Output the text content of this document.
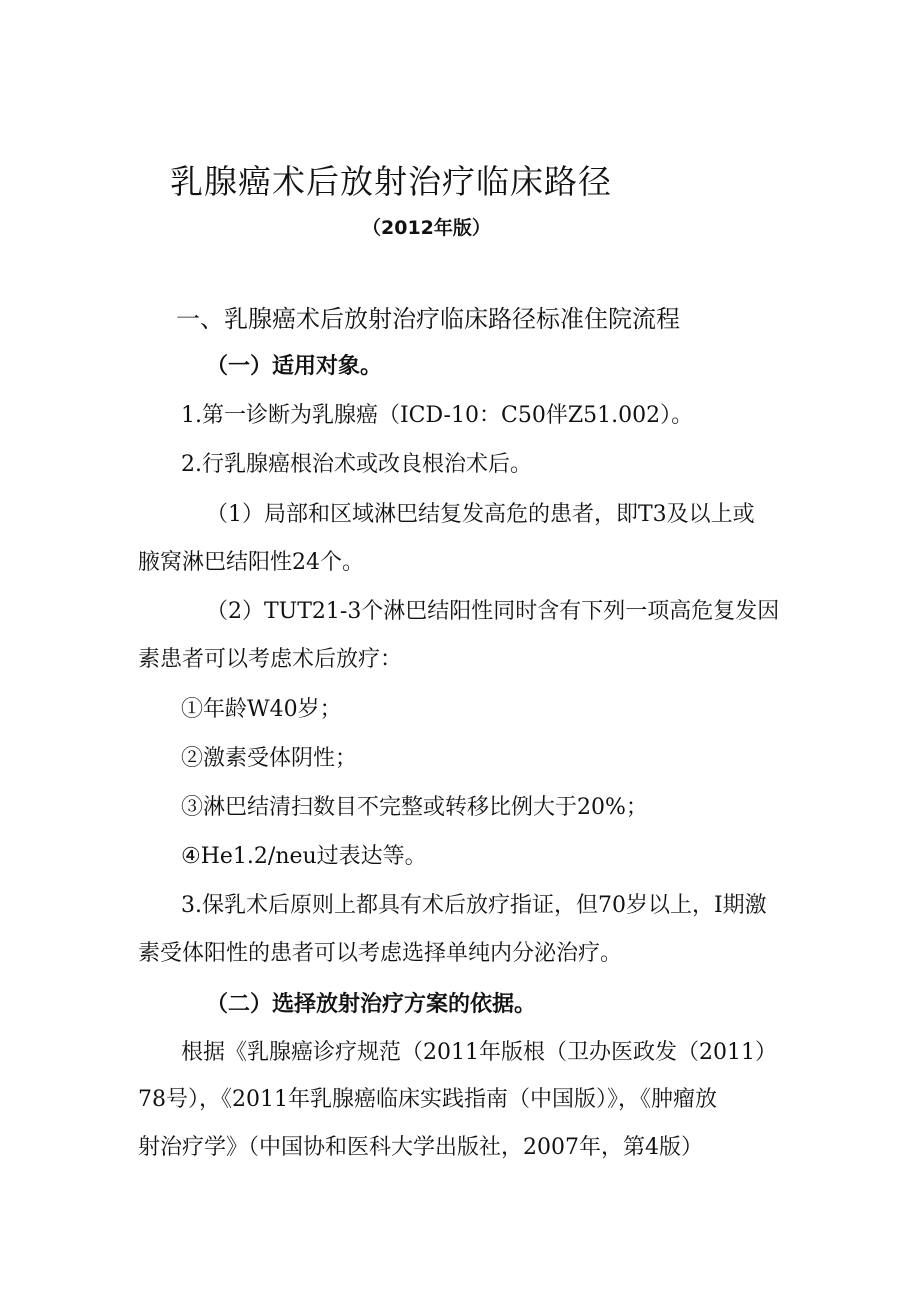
乳腺癌术后放射治疗临床路径
（2012年版）
一、乳腺癌术后放射治疗临床路径标准住院流程
（一）适用对象。
1.第一诊断为乳腺癌（ICD-10：C50伴Z51.002）。
2.行乳腺癌根治术或改良根治术后。
（1）局部和区域淋巴结复发高危的患者，即T3及以上或
腋窝淋巴结阳性24个。
（2）TUT21-3个淋巴结阳性同时含有下列一项高危复发因
素患者可以考虑术后放疗：
①年龄W40岁；
②激素受体阴性；
③淋巴结清扫数目不完整或转移比例大于20%；
④He1.2/neu过表达等。
3.保乳术后原则上都具有术后放疗指证，但70岁以上，I期激
素受体阳性的患者可以考虑选择单纯内分泌治疗。
（二）选择放射治疗方案的依据。
根据《乳腺癌诊疗规范（2011年版根（卫办医政发（2011）
78号），《2011年乳腺癌临床实践指南（中国版）》，《肿瘤放
射治疗学》（中国协和医科大学出版社，2007年，第4版）
